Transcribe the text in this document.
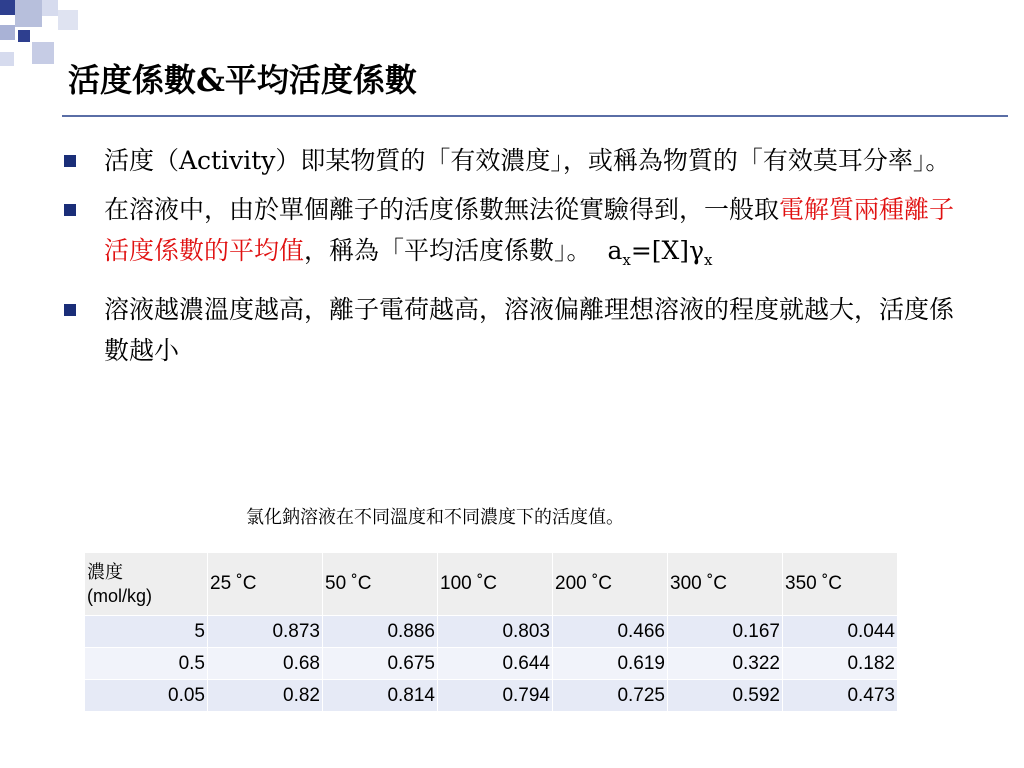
活度係數&平均活度係數
活度（Activity）即某物質的「有效濃度」，或稱為物質的「有效莫耳分率」。
在溶液中，由於單個離子的活度係數無法從實驗得到，一般取電解質兩種離子活度係數的平均值，稱為「平均活度係數」。 $a_x=[X]\gamma_x$
溶液越濃溫度越高，離子電荷越高，溶液偏離理想溶液的程度就越大，活度係數越小
氯化鈉溶液在不同溫度和不同濃度下的活度值。
濃度
(mol/kg)	25 ˚C	50 ˚C	100 ˚C	200 ˚C	300 ˚C	350 ˚C
5	0.873	0.886	0.803	0.466	0.167	0.044
0.5	0.68	0.675	0.644	0.619	0.322	0.182
0.05	0.82	0.814	0.794	0.725	0.592	0.473
